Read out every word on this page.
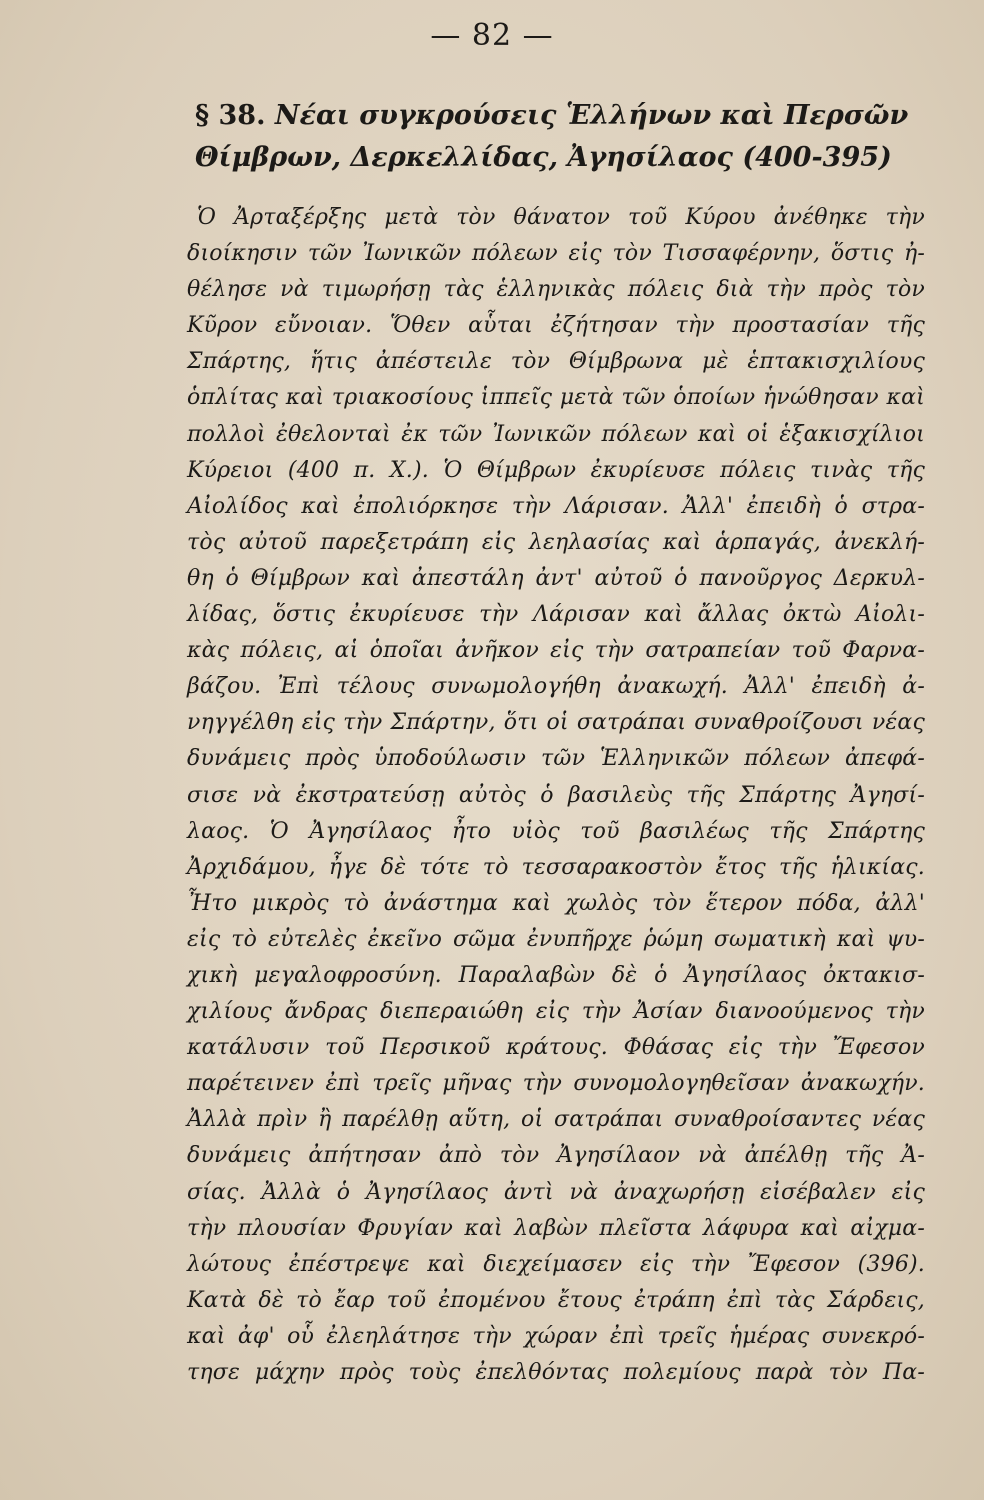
— 82 —
§ 38. Νέαι συγκρούσεις Ἑλλήνων καὶ Περσῶν
Θίμβρων, Δερκελλίδας, Ἀγησίλαος (400-395)
Ὁ Ἀρταξέρξης μετὰ τὸν θάνατον τοῦ Κύρου ἀνέθηκε τὴν
διοίκησιν τῶν Ἰωνικῶν πόλεων εἰς τὸν Τισσαφέρνην, ὅστις ἠ-
θέλησε νὰ τιμωρήσῃ τὰς ἑλληνικὰς πόλεις διὰ τὴν πρὸς τὸν
Κῦρον εὔνοιαν. Ὅθεν αὗται ἐζήτησαν τὴν προστασίαν τῆς
Σπάρτης, ἥτις ἀπέστειλε τὸν Θίμβρωνα μὲ ἑπτακισχιλίους
ὁπλίτας καὶ τριακοσίους ἱππεῖς μετὰ τῶν ὁποίων ἡνώθησαν καὶ
πολλοὶ ἐθελονταὶ ἐκ τῶν Ἰωνικῶν πόλεων καὶ οἱ ἑξακισχίλιοι
Κύρειοι (400 π. Χ.). Ὁ Θίμβρων ἐκυρίευσε πόλεις τινὰς τῆς
Αἰολίδος καὶ ἐπολιόρκησε τὴν Λάρισαν. Ἀλλ' ἐπειδὴ ὁ στρα-
τὸς αὐτοῦ παρεξετράπη εἰς λεηλασίας καὶ ἁρπαγάς, ἀνεκλή-
θη ὁ Θίμβρων καὶ ἀπεστάλη ἀντ' αὐτοῦ ὁ πανοῦργος Δερκυλ-
λίδας, ὅστις ἐκυρίευσε τὴν Λάρισαν καὶ ἄλλας ὀκτὼ Αἰολι-
κὰς πόλεις, αἱ ὁποῖαι ἀνῆκον εἰς τὴν σατραπείαν τοῦ Φαρνα-
βάζου. Ἐπὶ τέλους συνωμολογήθη ἀνακωχή. Ἀλλ' ἐπειδὴ ἀ-
νηγγέλθη εἰς τὴν Σπάρτην, ὅτι οἱ σατράπαι συναθροίζουσι νέας
δυνάμεις πρὸς ὑποδούλωσιν τῶν Ἑλληνικῶν πόλεων ἀπεφά-
σισε νὰ ἐκστρατεύσῃ αὐτὸς ὁ βασιλεὺς τῆς Σπάρτης Ἀγησί-
λαος. Ὁ Ἀγησίλαος ἦτο υἱὸς τοῦ βασιλέως τῆς Σπάρτης
Ἀρχιδάμου, ἦγε δὲ τότε τὸ τεσσαρακοστὸν ἔτος τῆς ἡλικίας.
Ἦτο μικρὸς τὸ ἀνάστημα καὶ χωλὸς τὸν ἕτερον πόδα, ἀλλ'
εἰς τὸ εὐτελὲς ἐκεῖνο σῶμα ἐνυπῆρχε ῥώμη σωματικὴ καὶ ψυ-
χικὴ μεγαλοφροσύνη. Παραλαβὼν δὲ ὁ Ἀγησίλαος ὀκτακισ-
χιλίους ἄνδρας διεπεραιώθη εἰς τὴν Ἀσίαν διανοούμενος τὴν
κατάλυσιν τοῦ Περσικοῦ κράτους. Φθάσας εἰς τὴν Ἔφεσον
παρέτεινεν ἐπὶ τρεῖς μῆνας τὴν συνομολογηθεῖσαν ἀνακωχήν.
Ἀλλὰ πρὶν ἢ παρέλθῃ αὕτη, οἱ σατράπαι συναθροίσαντες νέας
δυνάμεις ἀπήτησαν ἀπὸ τὸν Ἀγησίλαον νὰ ἀπέλθῃ τῆς Ἀ-
σίας. Ἀλλὰ ὁ Ἀγησίλαος ἀντὶ νὰ ἀναχωρήσῃ εἰσέβαλεν εἰς
τὴν πλουσίαν Φρυγίαν καὶ λαβὼν πλεῖστα λάφυρα καὶ αἰχμα-
λώτους ἐπέστρεψε καὶ διεχείμασεν εἰς τὴν Ἔφεσον (396).
Κατὰ δὲ τὸ ἔαρ τοῦ ἐπομένου ἔτους ἐτράπη ἐπὶ τὰς Σάρδεις,
καὶ ἀφ' οὗ ἐλεηλάτησε τὴν χώραν ἐπὶ τρεῖς ἡμέρας συνεκρό-
τησε μάχην πρὸς τοὺς ἐπελθόντας πολεμίους παρὰ τὸν Πα-
